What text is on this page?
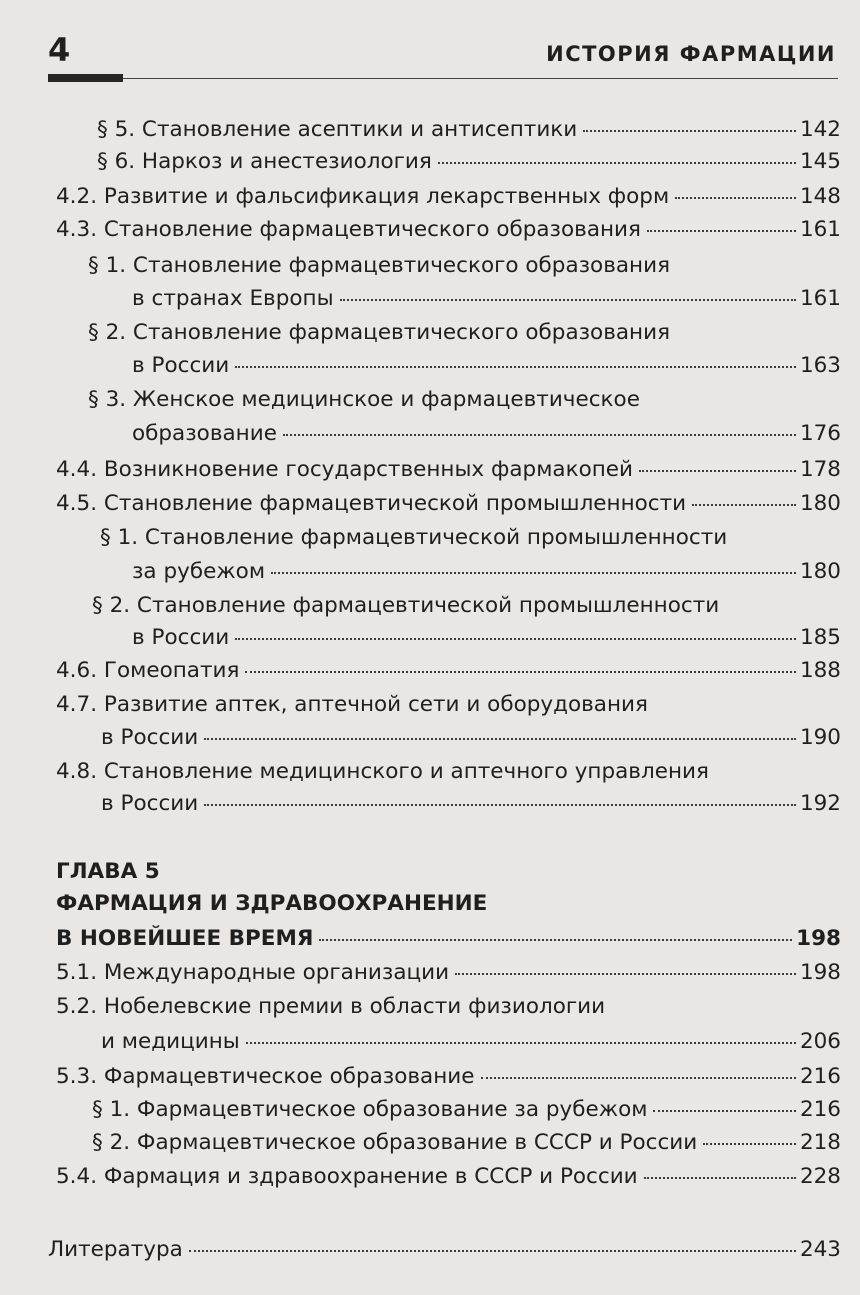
4	ИСТОРИЯ ФАРМАЦИИ
§ 5. Становление асептики и антисептики	142
§ 6. Наркоз и анестезиология	145
4.2. Развитие и фальсификация лекарственных форм	148
4.3. Становление фармацевтического образования	161
§ 1. Становление фармацевтического образования
в странах Европы	161
§ 2. Становление фармацевтического образования
в России	163
§ 3. Женское медицинское и фармацевтическое
образование	176
4.4. Возникновение государственных фармакопей	178
4.5. Становление фармацевтической промышленности	180
§ 1. Становление фармацевтической промышленности
за рубежом	180
§ 2. Становление фармацевтической промышленности
в России	185
4.6. Гомеопатия	188
4.7. Развитие аптек, аптечной сети и оборудования
в России	190
4.8. Становление медицинского и аптечного управления
в России	192
ГЛАВА 5
ФАРМАЦИЯ И ЗДРАВООХРАНЕНИЕ
В НОВЕЙШЕЕ ВРЕМЯ	198
5.1. Международные организации	198
5.2. Нобелевские премии в области физиологии
и медицины	206
5.3. Фармацевтическое образование	216
§ 1. Фармацевтическое образование за рубежом	216
§ 2. Фармацевтическое образование в СССР и России	218
5.4. Фармация и здравоохранение в СССР и России	228
Литература	243
